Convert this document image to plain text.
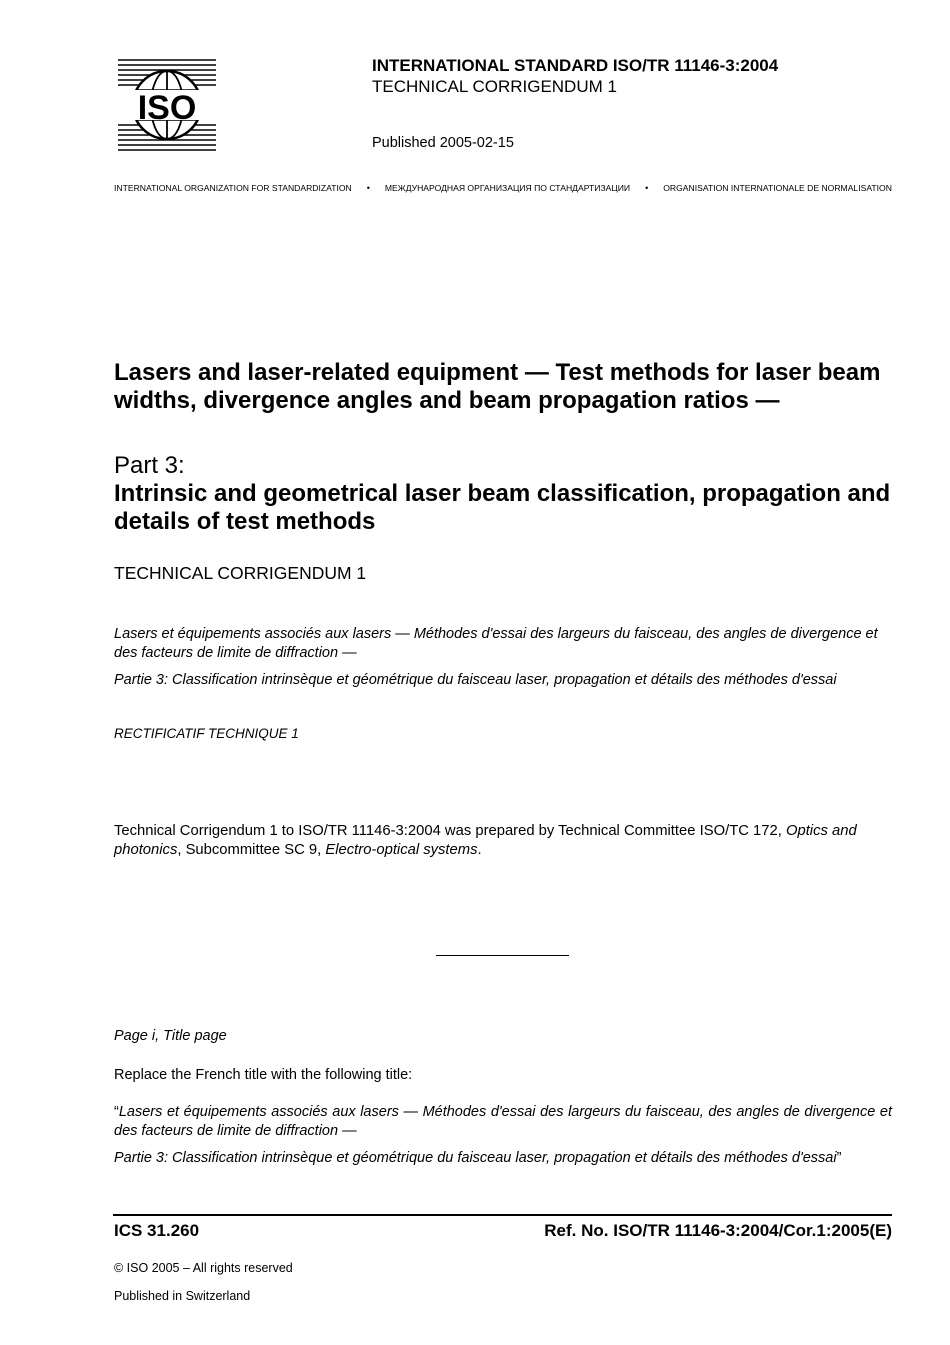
ISO
INTERNATIONAL STANDARD ISO/TR 11146-3:2004
TECHNICAL CORRIGENDUM 1
Published 2005-02-15
INTERNATIONAL ORGANIZATION FOR STANDARDIZATION • МЕЖДУНАРОДНАЯ ОРГАНИЗАЦИЯ ПО СТАНДАРТИЗАЦИИ • ORGANISATION INTERNATIONALE DE NORMALISATION
Lasers and laser-related equipment — Test methods for laser beam widths, divergence angles and beam propagation ratios —
Part 3:
Intrinsic and geometrical laser beam classification, propagation and details of test methods
TECHNICAL CORRIGENDUM 1
Lasers et équipements associés aux lasers — Méthodes d'essai des largeurs du faisceau, des angles de divergence et des facteurs de limite de diffraction —
Partie 3: Classification intrinsèque et géométrique du faisceau laser, propagation et détails des méthodes d'essai
RECTIFICATIF TECHNIQUE 1
Technical Corrigendum 1 to ISO/TR 11146-3:2004 was prepared by Technical Committee ISO/TC 172, Optics and photonics, Subcommittee SC 9, Electro-optical systems.
Page i, Title page
Replace the French title with the following title:
“Lasers et équipements associés aux lasers — Méthodes d'essai des largeurs du faisceau, des angles de divergence et des facteurs de limite de diffraction —
Partie 3: Classification intrinsèque et géométrique du faisceau laser, propagation et détails des méthodes d'essai”
ICS 31.260	Ref. No. ISO/TR 11146-3:2004/Cor.1:2005(E)
© ISO 2005 – All rights reserved
Published in Switzerland
